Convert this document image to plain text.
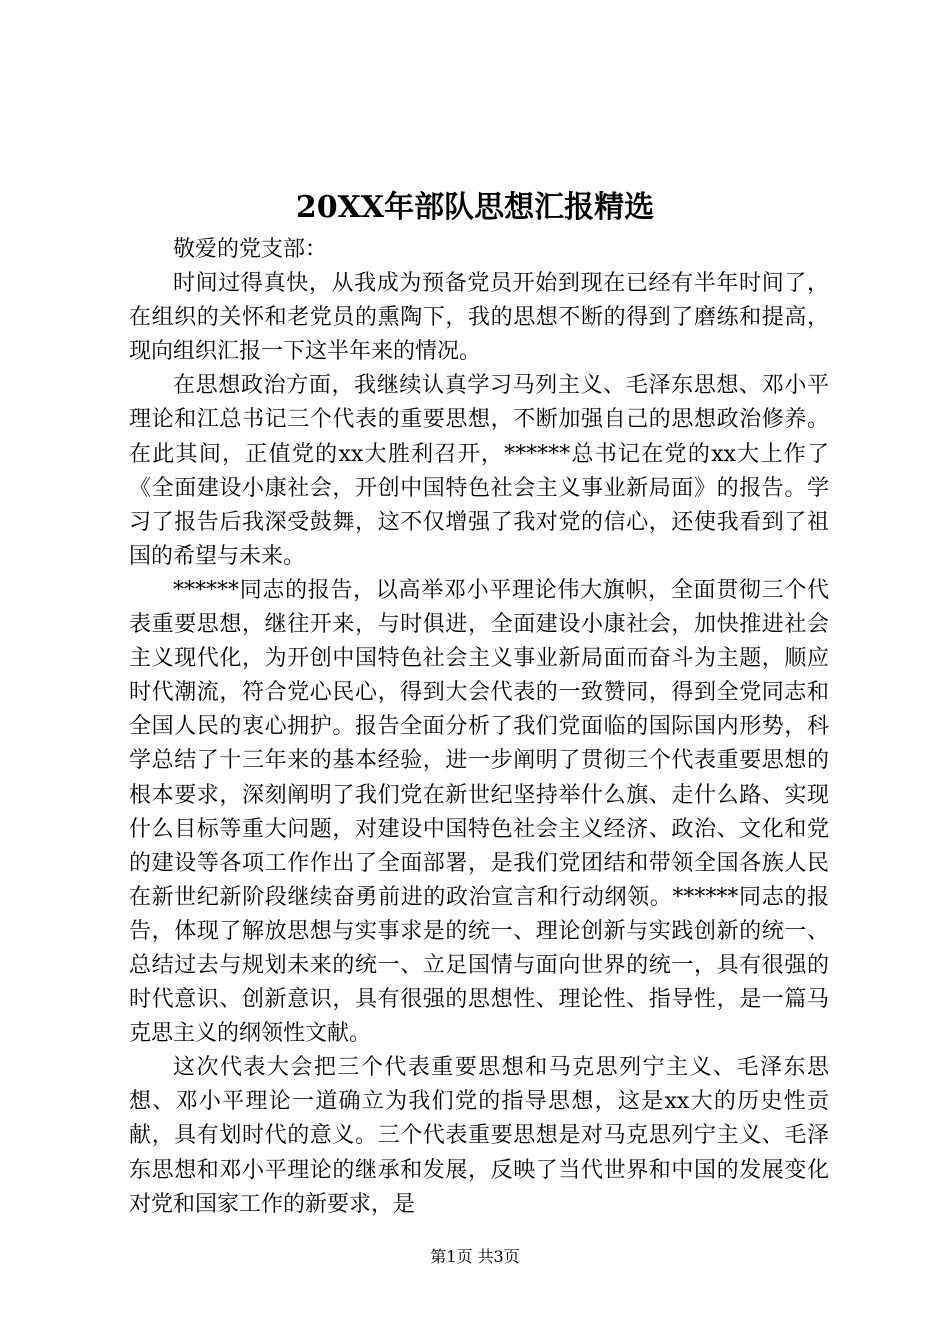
20XX年部队思想汇报精选

敬爱的党支部：

时间过得真快，从我成为预备党员开始到现在已经有半年时间了，在组织的关怀和老党员的熏陶下，我的思想不断的得到了磨练和提高，现向组织汇报一下这半年来的情况。

在思想政治方面，我继续认真学习马列主义、毛泽东思想、邓小平理论和江总书记三个代表的重要思想，不断加强自己的思想政治修养。在此其间，正值党的xx大胜利召开，******总书记在党的xx大上作了《全面建设小康社会，开创中国特色社会主义事业新局面》的报告。学习了报告后我深受鼓舞，这不仅增强了我对党的信心，还使我看到了祖国的希望与未来。

******同志的报告，以高举邓小平理论伟大旗帜，全面贯彻三个代表重要思想，继往开来，与时俱进，全面建设小康社会，加快推进社会主义现代化，为开创中国特色社会主义事业新局面而奋斗为主题，顺应时代潮流，符合党心民心，得到大会代表的一致赞同，得到全党同志和全国人民的衷心拥护。报告全面分析了我们党面临的国际国内形势，科学总结了十三年来的基本经验，进一步阐明了贯彻三个代表重要思想的根本要求，深刻阐明了我们党在新世纪坚持举什么旗、走什么路、实现什么目标等重大问题，对建设中国特色社会主义经济、政治、文化和党的建设等各项工作作出了全面部署，是我们党团结和带领全国各族人民在新世纪新阶段继续奋勇前进的政治宣言和行动纲领。******同志的报告，体现了解放思想与实事求是的统一、理论创新与实践创新的统一、总结过去与规划未来的统一、立足国情与面向世界的统一，具有很强的时代意识、创新意识，具有很强的思想性、理论性、指导性，是一篇马克思主义的纲领性文献。

这次代表大会把三个代表重要思想和马克思列宁主义、毛泽东思想、邓小平理论一道确立为我们党的指导思想，这是xx大的历史性贡献，具有划时代的意义。三个代表重要思想是对马克思列宁主义、毛泽东思想和邓小平理论的继承和发展，反映了当代世界和中国的发展变化对党和国家工作的新要求，是

第1页 共3页
